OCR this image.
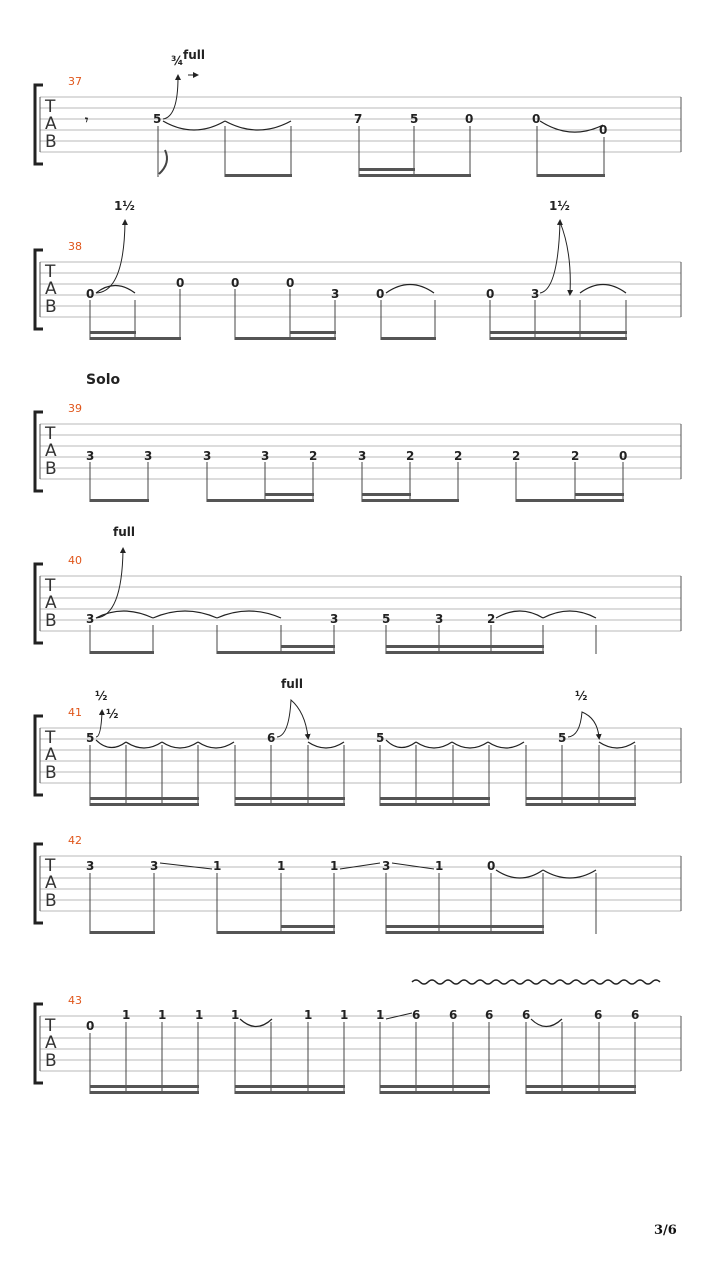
T
A
B
37
𝄾	5	7	5	0	0
0
¾ full
T
A
B
38
0
0	0	0
3	0	0	3
1½	1½
Solo
T
A
B
39
3	3	3	3	2	3	2	2	2	2	0
T
A
B
40
3	3	5	3	2
full
T
A
B
41
5	6	5	5
½
½
full
½
T
A
B
42
3	3	1	1	1	3	1	0
T
A
B
43
0
1 1 1 1	1 1 1 6 6 6 6	6 6
3/6
